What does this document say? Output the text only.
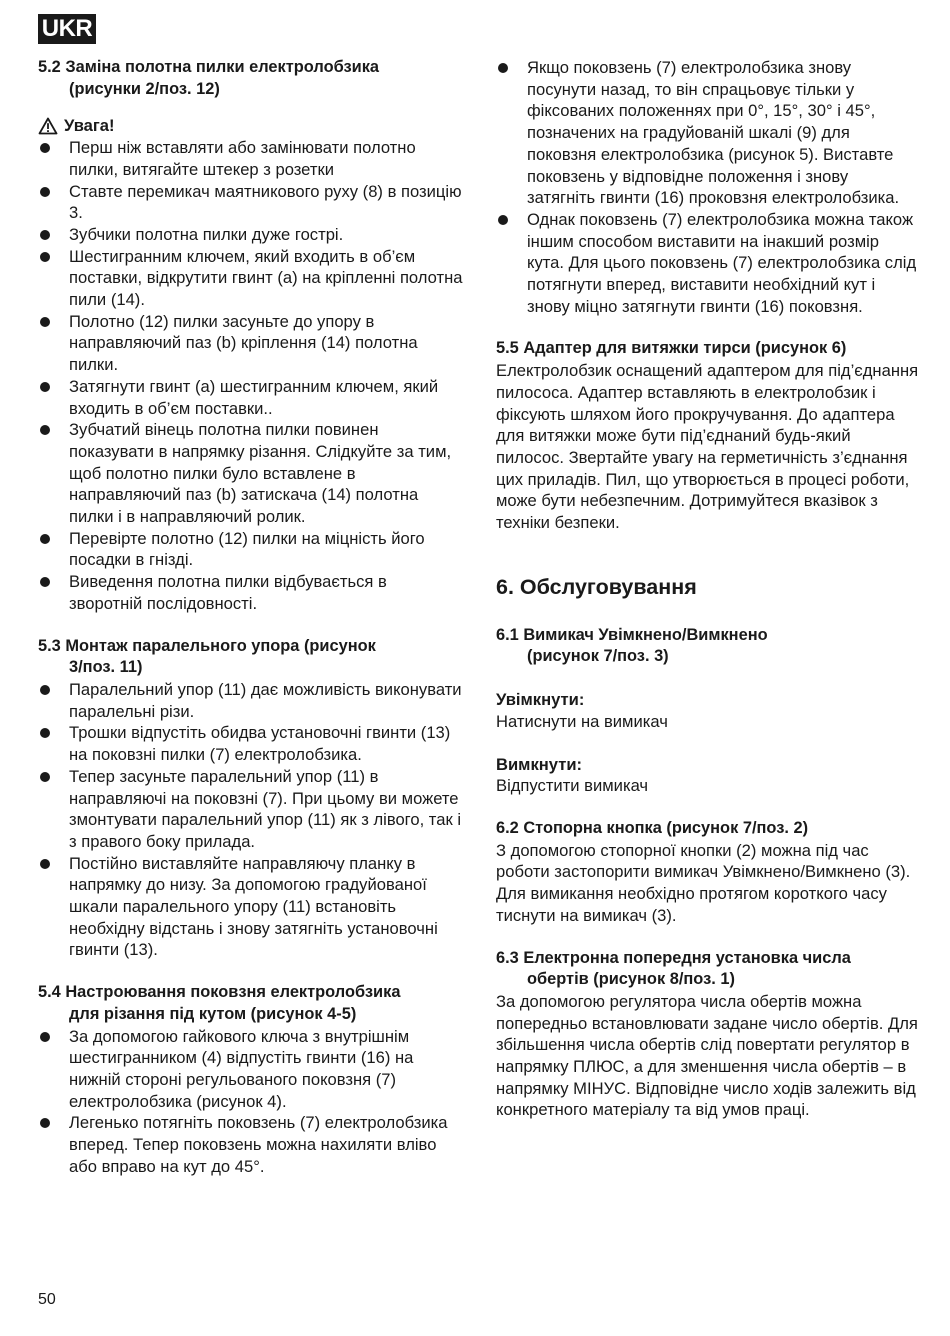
UKR
5.2 Заміна полотна пилки електролобзика
(рисунки 2/поз. 12)
Увага!
Перш ніж вставляти або замінювати полотно пилки, витягайте штекер з розетки
Ставте перемикач маятникового руху (8) в позицію 3.
Зубчики полотна пилки дуже гострі.
Шестигранним ключем, який входить в об’єм поставки, відкрутити гвинт (а) на кріпленні полотна пили (14).
Полотно (12) пилки засуньте до упору в направляючий паз (b) кріплення (14) полотна пилки.
Затягнути гвинт (а) шестигранним ключем, який входить в об’єм поставки..
Зубчатий вінець полотна пилки повинен показувати в напрямку різання. Слідкуйте за тим, щоб полотно пилки було вставлене в направляючий паз (b) затискача (14) полотна пилки і в направляючий ролик.
Перевірте полотно (12) пилки на міцність його посадки в гнізді.
Виведення полотна пилки відбувається в зворотній послідовності.
5.3 Монтаж паралельного упора (рисунок
3/поз. 11)
Паралельний упор (11) дає можливість виконувати паралельні різи.
Трошки відпустіть обидва установочні гвинти (13) на поковзні пилки (7) електролобзика.
Тепер засуньте паралельний упор (11) в направляючі на поковзні (7). При цьому ви можете змонтувати паралельний упор (11) як з лівого, так і з правого боку прилада.
Постійно виставляйте направляючу планку в напрямку до низу. За допомогою градуйованої шкали паралельного упору (11) встановіть необхідну відстань і знову затягніть установочні гвинти (13).
5.4 Настроювання поковзня електролобзика
для різання під кутом (рисунок 4-5)
За допомогою гайкового ключа з внутрішнім шестигранником (4) відпустіть гвинти (16) на нижній стороні регульованого поковзня (7) електролобзика (рисунок 4).
Легенько потягніть поковзень (7) електролобзика вперед. Тепер поковзень можна нахиляти вліво або вправо на кут до 45°.
Якщо поковзень (7) електролобзика знову посунути назад, то він спрацьовує тільки у фіксованих положеннях при 0°, 15°, 30° і 45°, позначених на градуйованій шкалі (9) для поковзня електролобзика (рисунок 5). Виставте поковзень у відповідне положення і знову затягніть гвинти (16) проковзня електролобзика.
Однак поковзень (7) електролобзика можна також іншим способом виставити на інакший розмір кута. Для цього поковзень (7) електролобзика слід потягнути вперед, виставити необхідний кут і знову міцно затягнути гвинти (16) поковзня.
5.5 Адаптер для витяжки тирси (рисунок 6)
Електролобзик оснащений адаптером для під’єднання пилососа. Адаптер вставляють в електролобзик і фіксують шляхом його прокручування. До адаптера для витяжки може бути під’єднаний будь-який пилосос. Звертайте увагу на герметичність з’єднання цих приладів. Пил, що утворюється в процесі роботи, може бути небезпечним. Дотримуйтеся вказівок з техніки безпеки.
6. Обслуговування
6.1 Вимикач Увімкнено/Вимкнено
(рисунок 7/поз. 3)
Увімкнути:
Натиснути на вимикач
Вимкнути:
Відпустити вимикач
6.2 Стопорна кнопка (рисунок 7/поз. 2)
З допомогою стопорної кнопки (2) можна під час роботи застопорити вимикач Увімкнено/Вимкнено (3). Для вимикання необхідно протягом короткого часу тиснути на вимикач (3).
6.3 Електронна попередня установка числа
обертів (рисунок 8/поз. 1)
За допомогою регулятора числа обертів можна попередньо встановлювати задане число обертів. Для збільшення числа обертів слід повертати регулятор в напрямку ПЛЮС, а для зменшення числа обертів – в напрямку МІНУС. Відповідне число ходів залежить від конкретного матеріалу та від умов праці.
50
